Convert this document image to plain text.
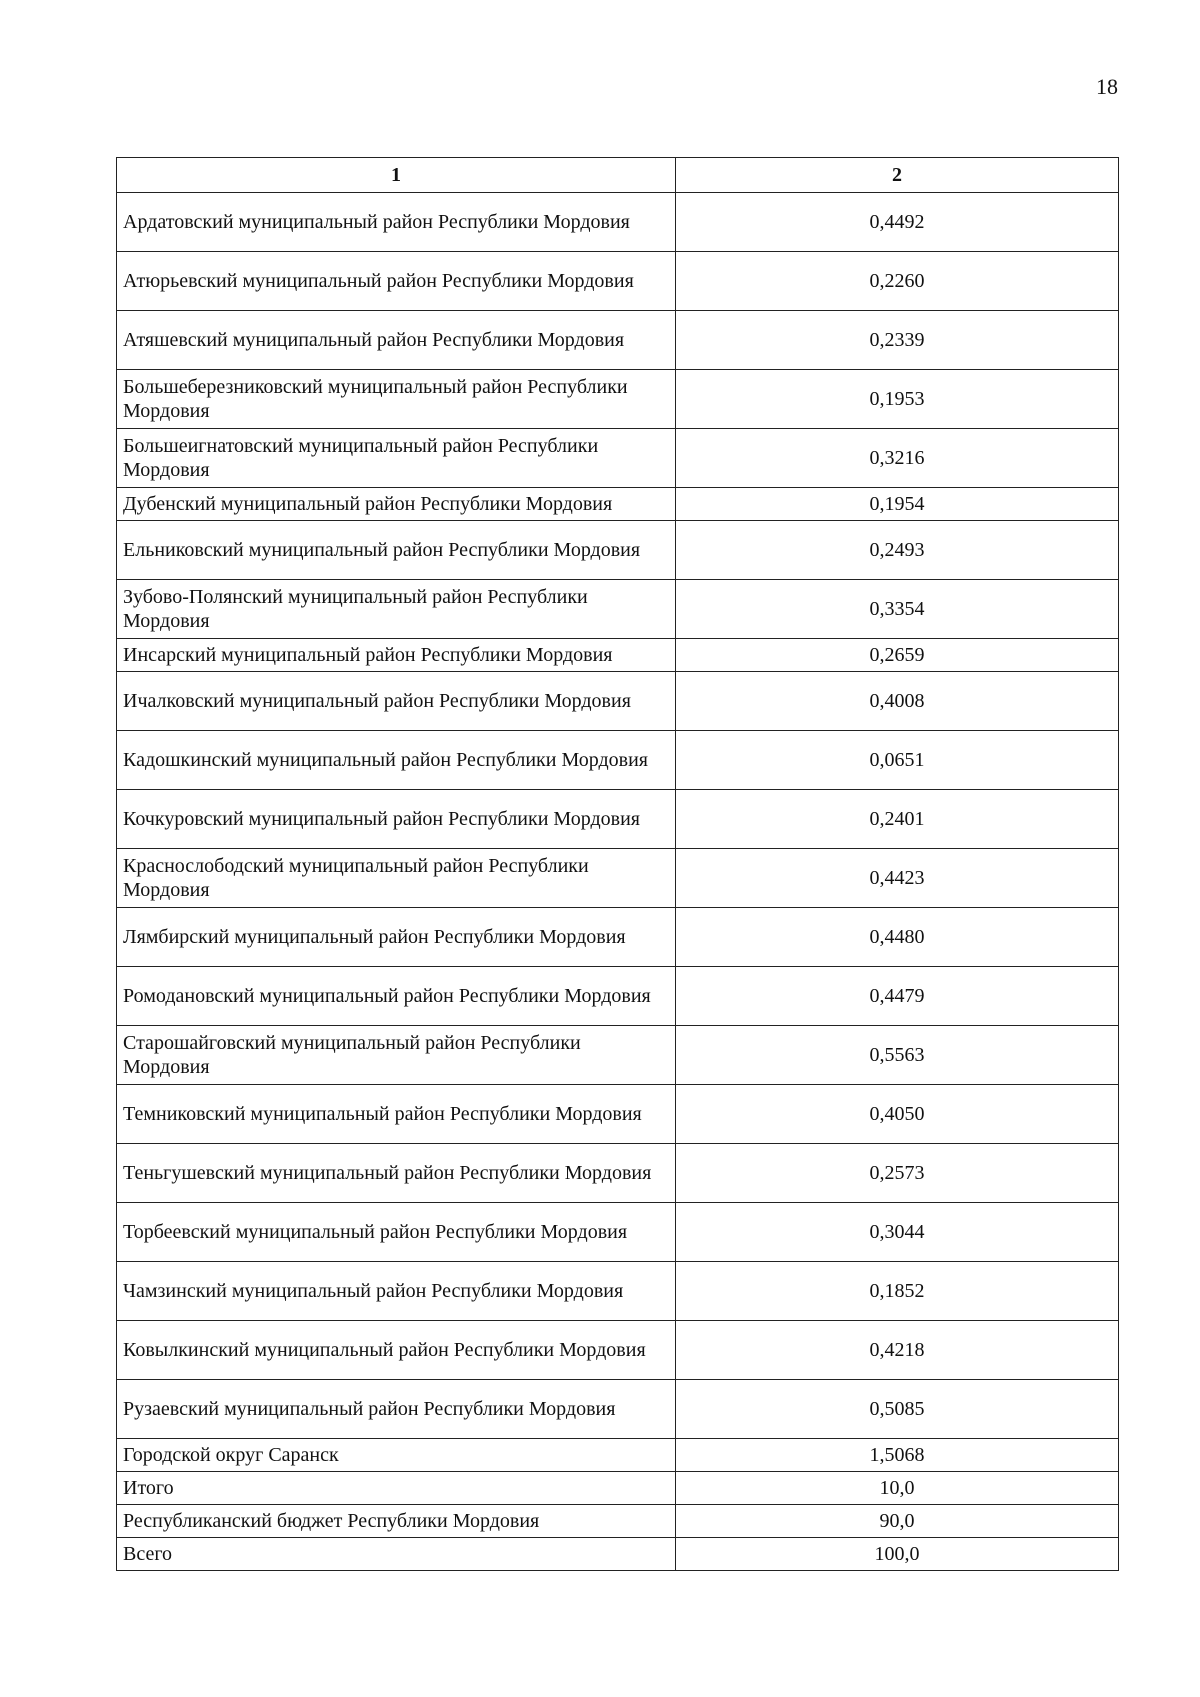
18
1	2
Ардатовский муниципальный район Республики Мордовия	0,4492
Атюрьевский муниципальный район Республики Мордовия	0,2260
Атяшевский муниципальный район Республики Мордовия	0,2339
Большеберезниковский муниципальный район Республики Мордовия	0,1953
Большеигнатовский муниципальный район Республики Мордовия	0,3216
Дубенский муниципальный район Республики Мордовия	0,1954
Ельниковский муниципальный район Республики Мордовия	0,2493
Зубово-Полянский муниципальный район Республики Мордовия	0,3354
Инсарский муниципальный район Республики Мордовия	0,2659
Ичалковский муниципальный район Республики Мордовия	0,4008
Кадошкинский муниципальный район Республики Мордовия	0,0651
Кочкуровский муниципальный район Республики Мордовия	0,2401
Краснослободский муниципальный район Республики Мордовия	0,4423
Лямбирский муниципальный район Республики Мордовия	0,4480
Ромодановский муниципальный район Республики Мордовия	0,4479
Старошайговский муниципальный район Республики Мордовия	0,5563
Темниковский муниципальный район Республики Мордовия	0,4050
Теньгушевский муниципальный район Республики Мордовия	0,2573
Торбеевский муниципальный район Республики Мордовия	0,3044
Чамзинский муниципальный район Республики Мордовия	0,1852
Ковылкинский муниципальный район Республики Мордовия	0,4218
Рузаевский муниципальный район Республики Мордовия	0,5085
Городской округ Саранск	1,5068
Итого	10,0
Республиканский бюджет Республики Мордовия	90,0
Всего	100,0
